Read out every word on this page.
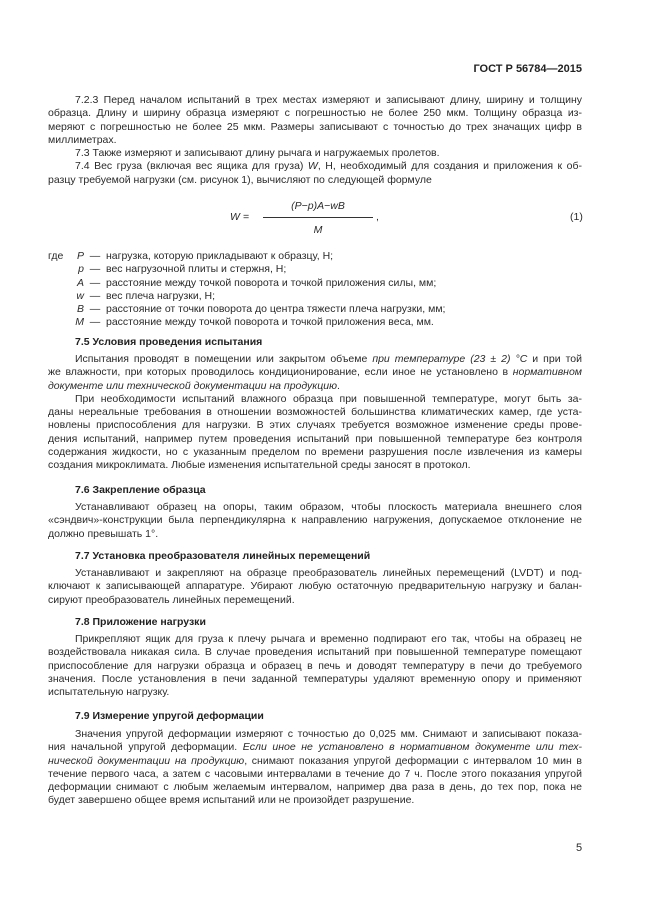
ГОСТ Р 56784—2015
7.2.3 Перед началом испытаний в трех местах измеряют и записывают длину, ширину и толщину
образца. Длину и ширину образца измеряют с погрешностью не более 250 мкм. Толщину образца из-
меряют с погрешностью не более 25 мкм. Размеры записывают с точностью до трех значащих цифр в
миллиметрах.
7.3 Также измеряют и записывают длину рычага и нагружаемых пролетов.
7.4 Вес груза (включая вес ящика для груза) W, Н, необходимый для создания и приложения к об-
разцу требуемой нагрузки (см. рисунок 1), вычисляют по следующей формуле
W =
(P−p)A−wB
M
,	(1)
где P — нагрузка, которую прикладывают к образцу, Н;
p — вес нагрузочной плиты и стержня, Н;
A — расстояние между точкой поворота и точкой приложения силы, мм;
w — вес плеча нагрузки, Н;
B — расстояние от точки поворота до центра тяжести плеча нагрузки, мм;
M — расстояние между точкой поворота и точкой приложения веса, мм.
7.5 Условия проведения испытания
Испытания проводят в помещении или закрытом объеме при температуре (23 ± 2) °С и при той
же влажности, при которых проводилось кондиционирование, если иное не установлено в нормативном
документе или технической документации на продукцию.
При необходимости испытаний влажного образца при повышенной температуре, могут быть за-
даны нереальные требования в отношении возможностей большинства климатических камер, где уста-
новлены приспособления для нагрузки. В этих случаях требуется возможное изменение среды прове-
дения испытаний, например путем проведения испытаний при повышенной температуре без контроля
содержания жидкости, но с указанным пределом по времени разрушения после извлечения из камеры
создания микроклимата. Любые изменения испытательной среды заносят в протокол.
7.6 Закрепление образца
Устанавливают образец на опоры, таким образом, чтобы плоскость материала внешнего слоя
«сэндвич»-конструкции была перпендикулярна к направлению нагружения, допускаемое отклонение не
должно превышать 1°.
7.7 Установка преобразователя линейных перемещений
Устанавливают и закрепляют на образце преобразователь линейных перемещений (LVDT) и под-
ключают к записывающей аппаратуре. Убирают любую остаточную предварительную нагрузку и балан-
сируют преобразователь линейных перемещений.
7.8 Приложение нагрузки
Прикрепляют ящик для груза к плечу рычага и временно подпирают его так, чтобы на образец не
воздействовала никакая сила. В случае проведения испытаний при повышенной температуре помещают
приспособление для нагрузки образца и образец в печь и доводят температуру в печи до требуемого
значения. После установления в печи заданной температуры удаляют временную опору и применяют
испытательную нагрузку.
7.9 Измерение упругой деформации
Значения упругой деформации измеряют с точностью до 0,025 мм. Снимают и записывают показа-
ния начальной упругой деформации. Если иное не установлено в нормативном документе или тех-
нической документации на продукцию, снимают показания упругой деформации с интервалом 10 мин в
течение первого часа, а затем с часовыми интервалами в течение до 7 ч. После этого показания упругой
деформации снимают с любым желаемым интервалом, например два раза в день, до тех пор, пока не
будет завершено общее время испытаний или не произойдет разрушение.
5
